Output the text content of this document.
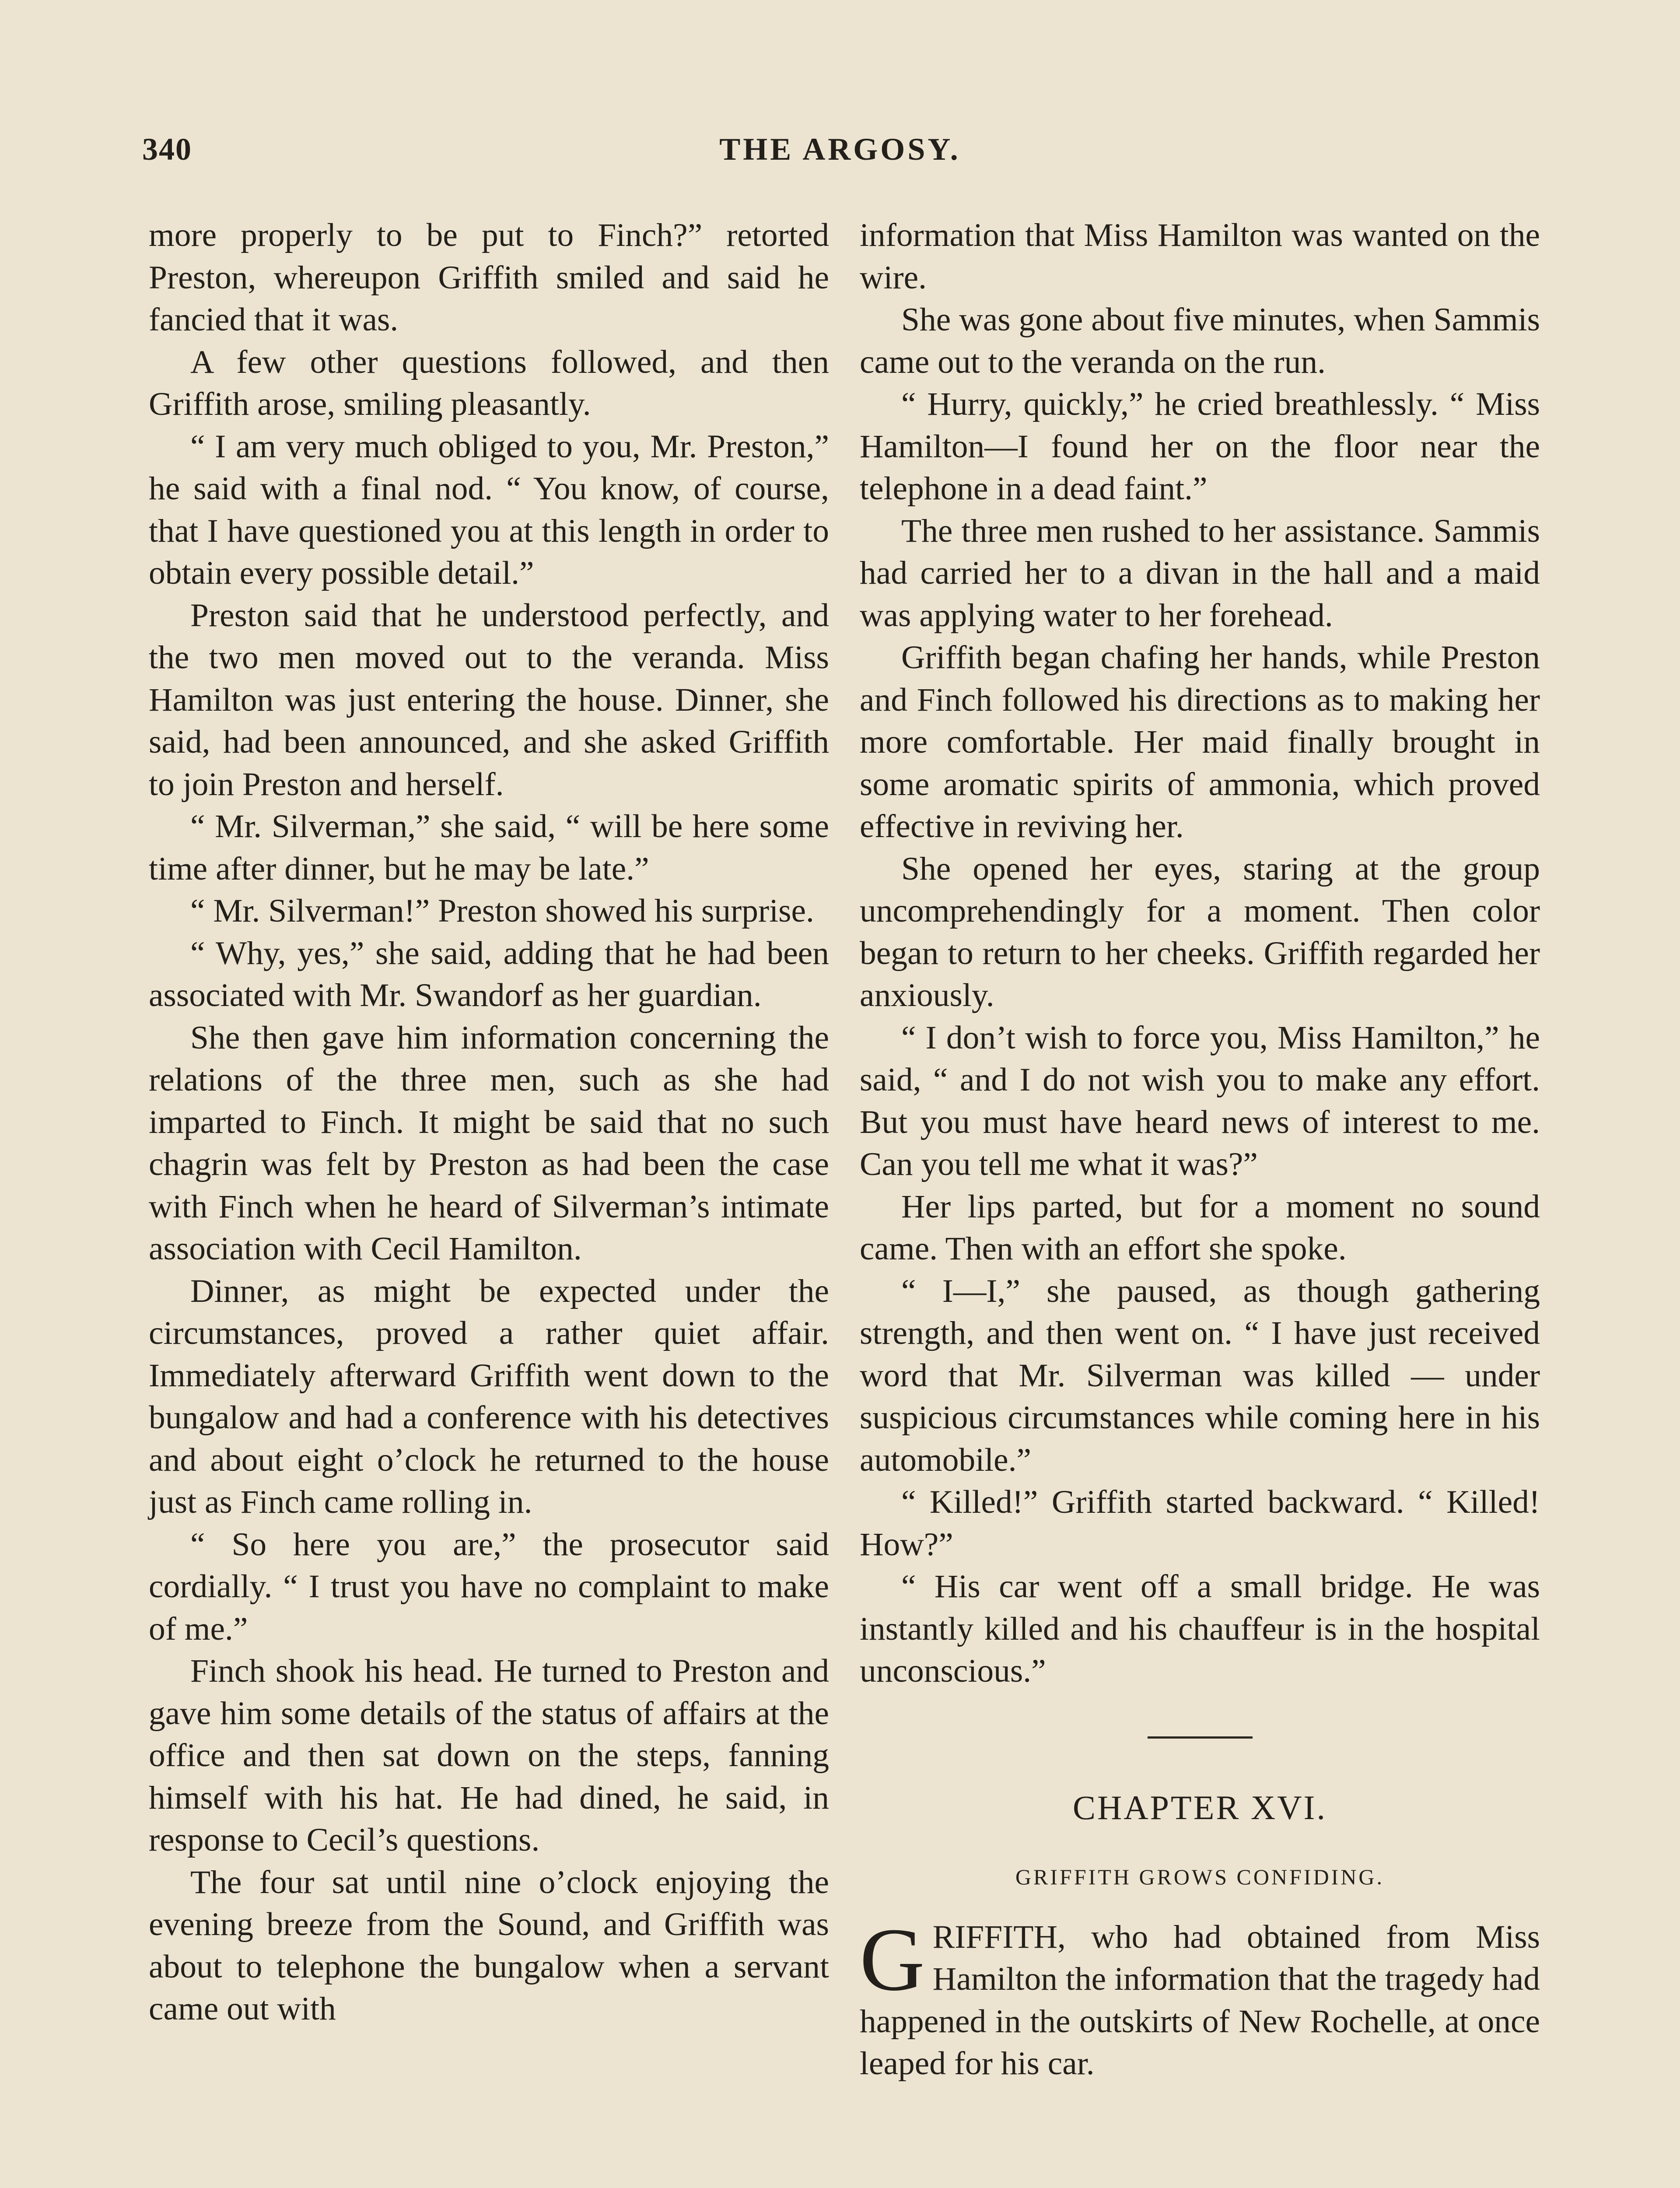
340	THE ARGOSY.

more properly to be put to Finch?” retorted Preston, whereupon Griffith smiled and said he fancied that it was.

A few other questions followed, and then Griffith arose, smiling pleasantly.

“ I am very much obliged to you, Mr. Preston,” he said with a final nod. “ You know, of course, that I have questioned you at this length in order to obtain every possible detail.”

Preston said that he understood perfectly, and the two men moved out to the veranda. Miss Hamilton was just entering the house. Dinner, she said, had been announced, and she asked Griffith to join Preston and herself.

“ Mr. Silverman,” she said, “ will be here some time after dinner, but he may be late.”

“ Mr. Silverman!” Preston showed his surprise.

“ Why, yes,” she said, adding that he had been associated with Mr. Swandorf as her guardian.

She then gave him information concerning the relations of the three men, such as she had imparted to Finch. It might be said that no such chagrin was felt by Preston as had been the case with Finch when he heard of Silverman’s intimate association with Cecil Hamilton.

Dinner, as might be expected under the circumstances, proved a rather quiet affair. Immediately afterward Griffith went down to the bungalow and had a conference with his detectives and about eight o’clock he returned to the house just as Finch came rolling in.

“ So here you are,” the prosecutor said cordially. “ I trust you have no complaint to make of me.”

Finch shook his head. He turned to Preston and gave him some details of the status of affairs at the office and then sat down on the steps, fanning himself with his hat. He had dined, he said, in response to Cecil’s questions.

The four sat until nine o’clock enjoying the evening breeze from the Sound, and Griffith was about to telephone the bungalow when a servant came out with

information that Miss Hamilton was wanted on the wire.

She was gone about five minutes, when Sammis came out to the veranda on the run.

“ Hurry, quickly,” he cried breathlessly. “ Miss Hamilton—I found her on the floor near the telephone in a dead faint.”

The three men rushed to her assistance. Sammis had carried her to a divan in the hall and a maid was applying water to her forehead.

Griffith began chafing her hands, while Preston and Finch followed his directions as to making her more comfortable. Her maid finally brought in some aromatic spirits of ammonia, which proved effective in reviving her.

She opened her eyes, staring at the group uncomprehendingly for a moment. Then color began to return to her cheeks. Griffith regarded her anxiously.

“ I don’t wish to force you, Miss Hamilton,” he said, “ and I do not wish you to make any effort. But you must have heard news of interest to me. Can you tell me what it was?”

Her lips parted, but for a moment no sound came. Then with an effort she spoke.

“ I—I,” she paused, as though gathering strength, and then went on. “ I have just received word that Mr. Silverman was killed — under suspicious circumstances while coming here in his automobile.”

“ Killed!” Griffith started backward. “ Killed! How?”

“ His car went off a small bridge. He was instantly killed and his chauffeur is in the hospital unconscious.”

CHAPTER XVI.
GRIFFITH GROWS CONFIDING.

GRIFFITH, who had obtained from Miss Hamilton the information that the tragedy had happened in the outskirts of New Rochelle, at once leaped for his car.
